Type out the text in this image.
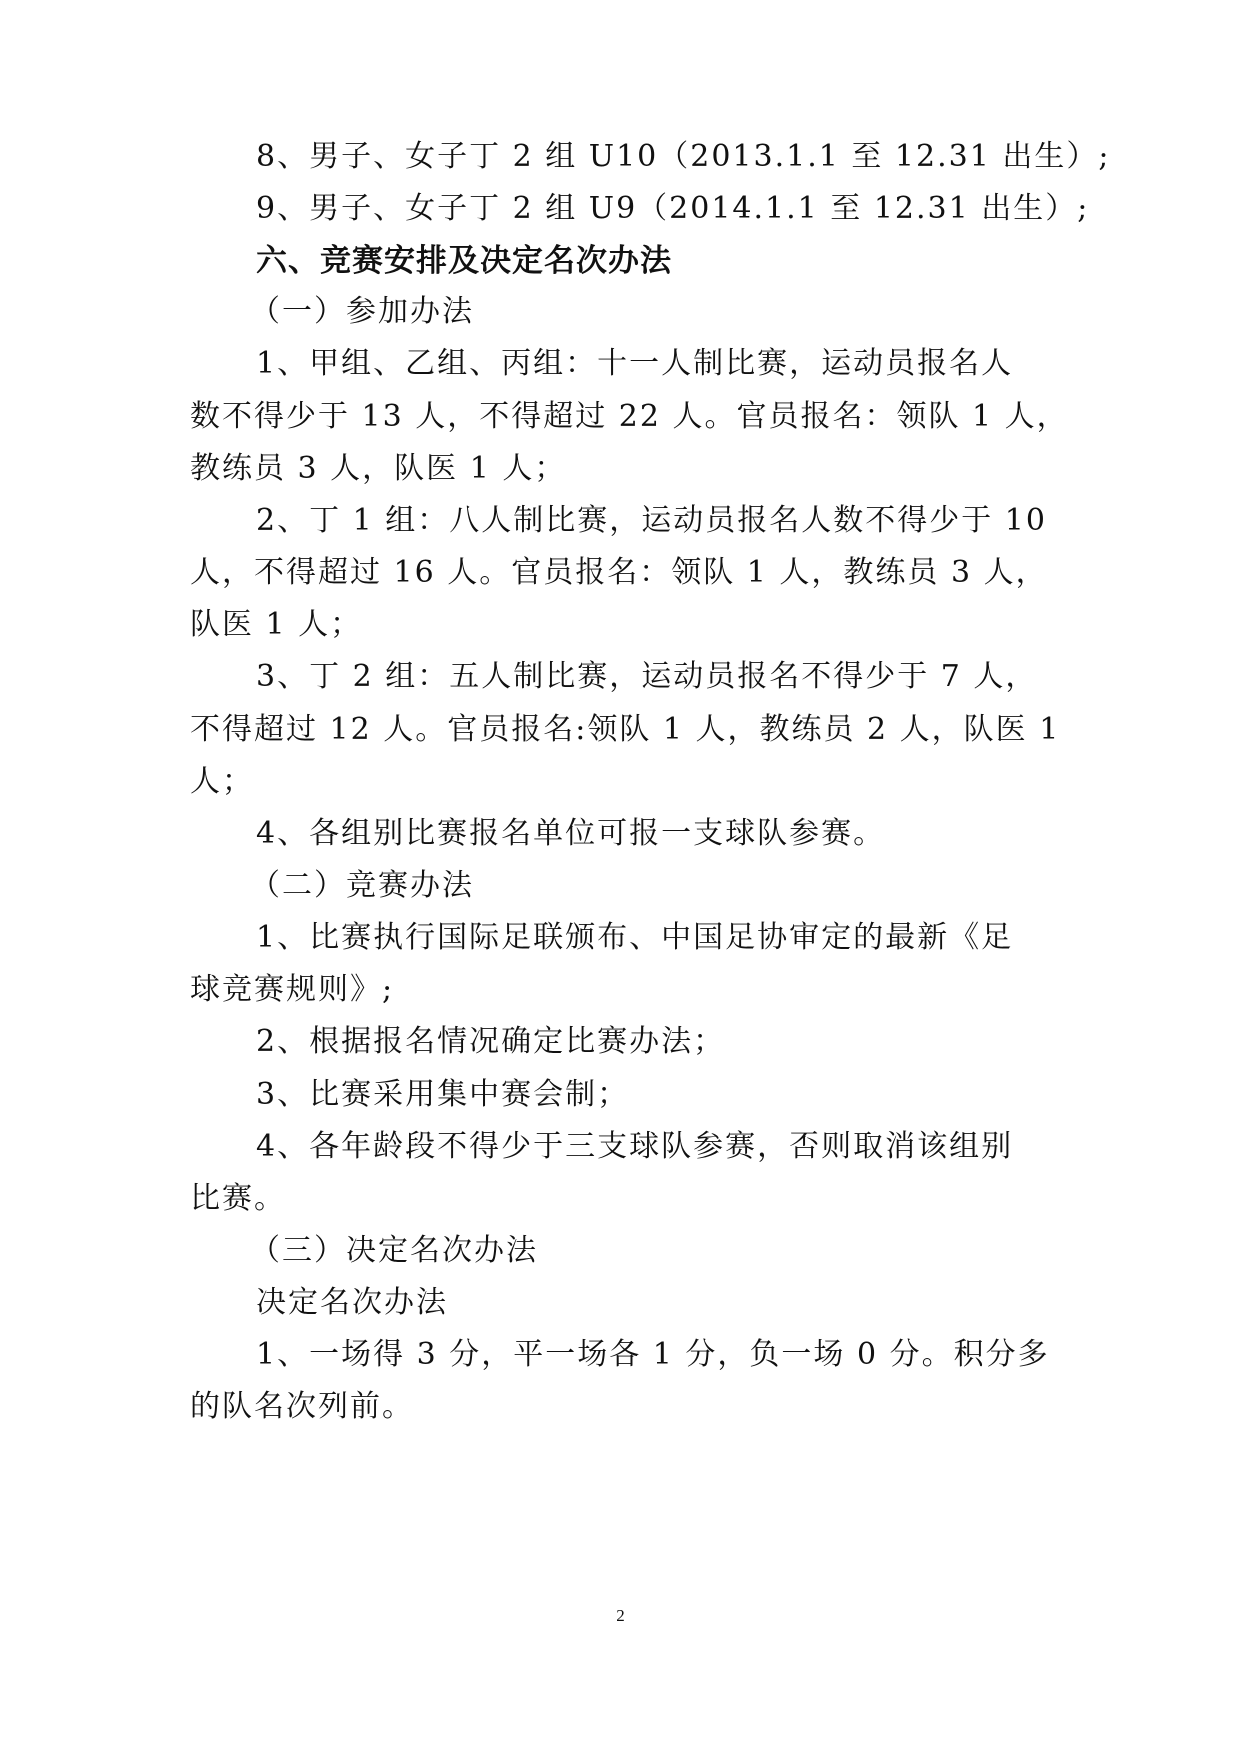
8、男子、女子丁 2 组 U10（2013.1.1 至 12.31 出生）;
9、男子、女子丁 2 组 U9（2014.1.1 至 12.31 出生）;
六、竞赛安排及决定名次办法
（一）参加办法
1、甲组、乙组、丙组：十一人制比赛，运动员报名人
数不得少于 13 人，不得超过 22 人。官员报名：领队 1 人，
教练员 3 人，队医 1 人；
2、丁 1 组：八人制比赛，运动员报名人数不得少于 10
人，不得超过 16 人。官员报名：领队 1 人，教练员 3 人，
队医 1 人；
3、丁 2 组：五人制比赛，运动员报名不得少于 7 人，
不得超过 12 人。官员报名:领队 1 人，教练员 2 人，队医 1
人；
4、各组别比赛报名单位可报一支球队参赛。
（二）竞赛办法
1、比赛执行国际足联颁布、中国足协审定的最新《足
球竞赛规则》;
2、根据报名情况确定比赛办法；
3、比赛采用集中赛会制；
4、各年龄段不得少于三支球队参赛，否则取消该组别
比赛。
（三）决定名次办法
决定名次办法
1、一场得 3 分，平一场各 1 分，负一场 0 分。积分多
的队名次列前。
2
